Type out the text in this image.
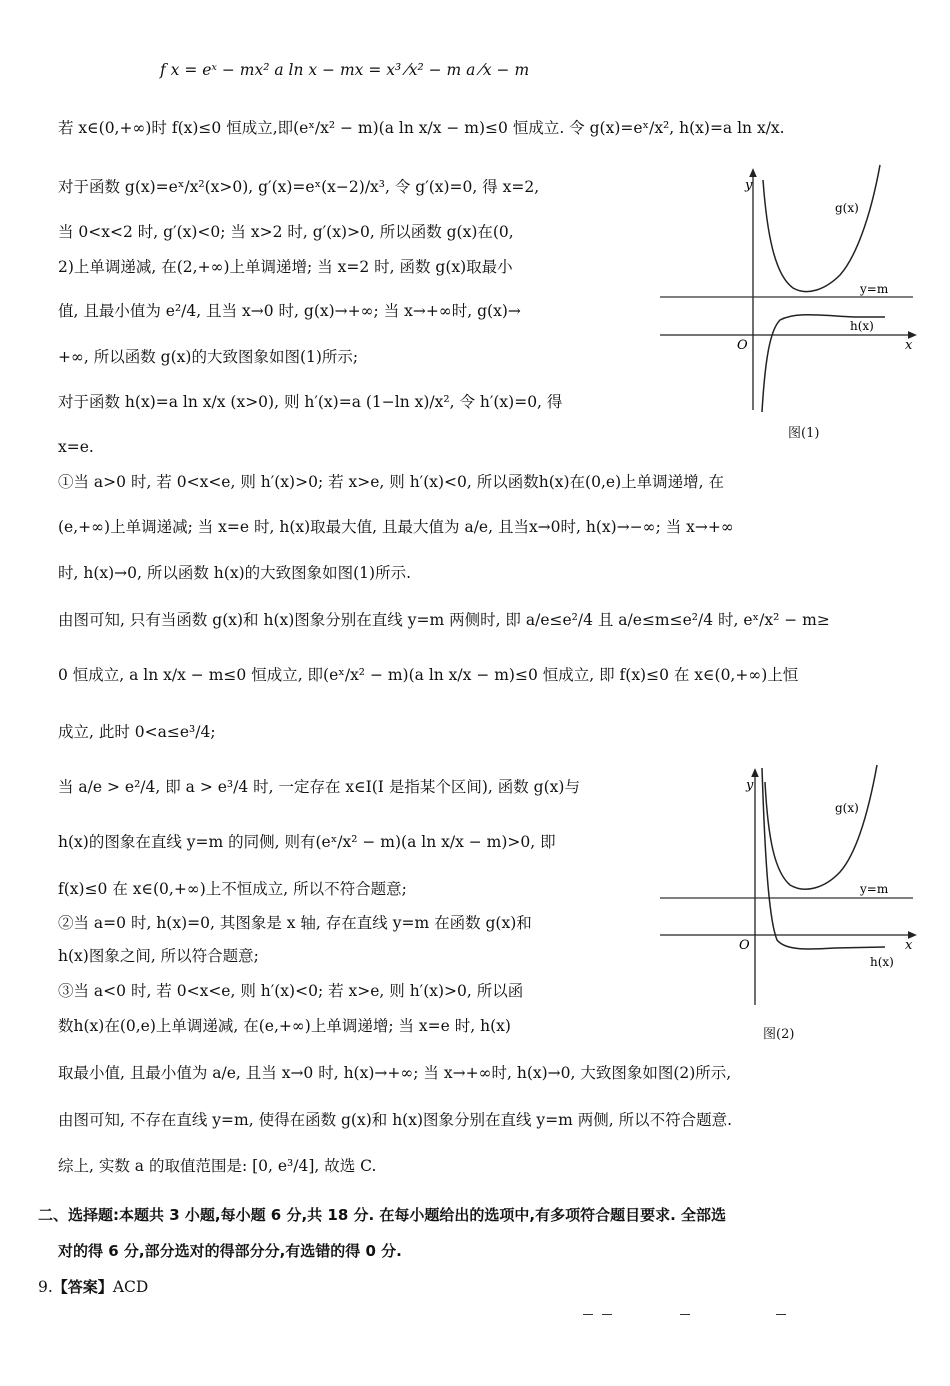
f x = eˣ − mx² a ln x − mx = x³ ⁄x² − m a ⁄x − m
若 x∈(0,+∞)时 f(x)≤0 恒成立,即(eˣ/x² − m)(a ln x/x − m)≤0 恒成立. 令 g(x)=eˣ/x², h(x)=a ln x/x.
对于函数 g(x)=eˣ/x²(x>0), g′(x)=eˣ(x−2)/x³, 令 g′(x)=0, 得 x=2,
当 0<x<2 时, g′(x)<0; 当 x>2 时, g′(x)>0, 所以函数 g(x)在(0,
2)上单调递减, 在(2,+∞)上单调递增; 当 x=2 时, 函数 g(x)取最小
值, 且最小值为 e²/4, 且当 x→0 时, g(x)→+∞; 当 x→+∞时, g(x)→
+∞, 所以函数 g(x)的大致图象如图(1)所示;
对于函数 h(x)=a ln x/x (x>0), 则 h′(x)=a (1−ln x)/x², 令 h′(x)=0, 得
x=e.
①当 a>0 时, 若 0<x<e, 则 h′(x)>0; 若 x>e, 则 h′(x)<0, 所以函数h(x)在(0,e)上单调递增, 在
(e,+∞)上单调递减; 当 x=e 时, h(x)取最大值, 且最大值为 a/e, 且当x→0时, h(x)→−∞; 当 x→+∞
时, h(x)→0, 所以函数 h(x)的大致图象如图(1)所示.
由图可知, 只有当函数 g(x)和 h(x)图象分别在直线 y=m 两侧时, 即 a/e≤e²/4 且 a/e≤m≤e²/4 时, eˣ/x² − m≥
0 恒成立, a ln x/x − m≤0 恒成立, 即(eˣ/x² − m)(a ln x/x − m)≤0 恒成立, 即 f(x)≤0 在 x∈(0,+∞)上恒
成立, 此时 0<a≤e³/4;
当 a/e > e²/4, 即 a > e³/4 时, 一定存在 x∈I(I 是指某个区间), 函数 g(x)与
h(x)的图象在直线 y=m 的同侧, 则有(eˣ/x² − m)(a ln x/x − m)>0, 即
f(x)≤0 在 x∈(0,+∞)上不恒成立, 所以不符合题意;
②当 a=0 时, h(x)=0, 其图象是 x 轴, 存在直线 y=m 在函数 g(x)和
h(x)图象之间, 所以符合题意;
③当 a<0 时, 若 0<x<e, 则 h′(x)<0; 若 x>e, 则 h′(x)>0, 所以函
数h(x)在(0,e)上单调递减, 在(e,+∞)上单调递增; 当 x=e 时, h(x)
取最小值, 且最小值为 a/e, 且当 x→0 时, h(x)→+∞; 当 x→+∞时, h(x)→0, 大致图象如图(2)所示,
由图可知, 不存在直线 y=m, 使得在函数 g(x)和 h(x)图象分别在直线 y=m 两侧, 所以不符合题意.
综上, 实数 a 的取值范围是: [0, e³/4], 故选 C.
二、选择题:本题共 3 小题,每小题 6 分,共 18 分. 在每小题给出的选项中,有多项符合题目要求. 全部选
对的得 6 分,部分选对的得部分分,有选错的得 0 分.
9.【答案】ACD
y
x
O
g(x)
y=m
h(x)
图(1)
y
x
O
g(x)
y=m
h(x)
图(2)
